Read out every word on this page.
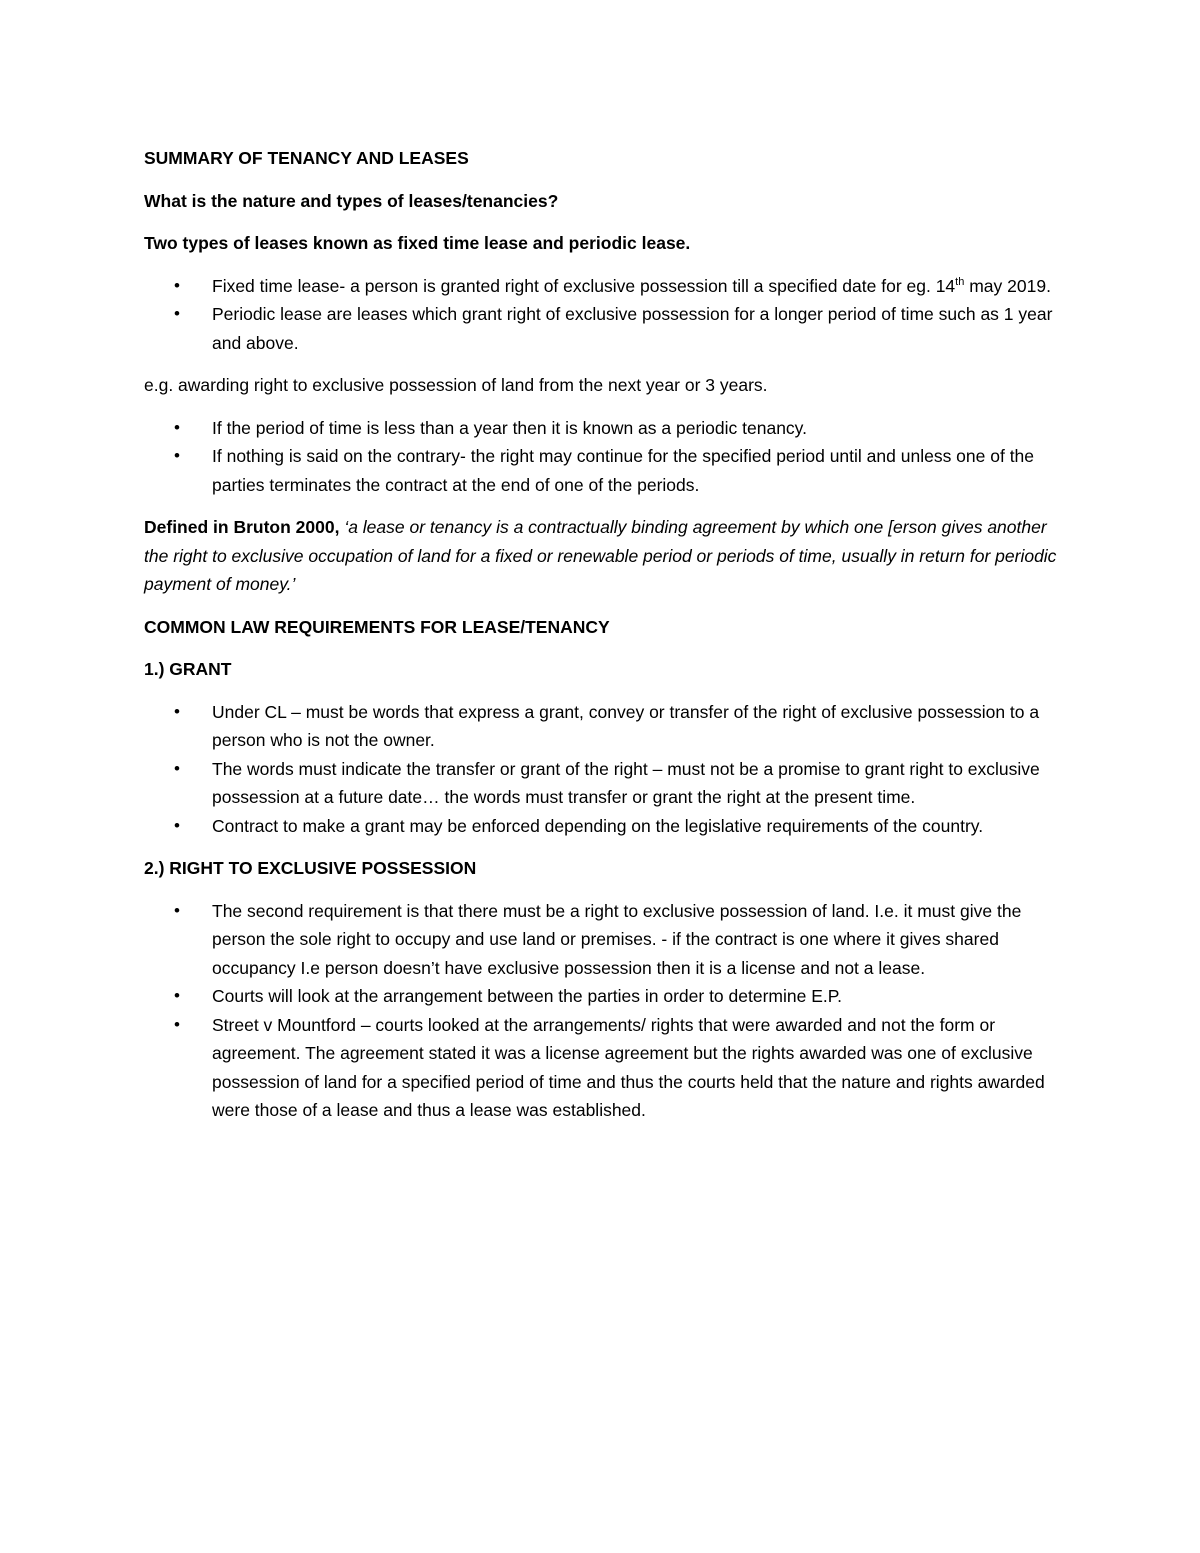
SUMMARY OF TENANCY AND LEASES

What is the nature and types of leases/tenancies?

Two types of leases known as fixed time lease and periodic lease.

• Fixed time lease- a person is granted right of exclusive possession till a specified date for eg. 14th may 2019.
• Periodic lease are leases which grant right of exclusive possession for a longer period of time such as 1 year and above.

e.g. awarding right to exclusive possession of land from the next year or 3 years.

• If the period of time is less than a year then it is known as a periodic tenancy.
• If nothing is said on the contrary- the right may continue for the specified period until and unless one of the parties terminates the contract at the end of one of the periods.

Defined in Bruton 2000, ‘a lease or tenancy is a contractually binding agreement by which one [erson gives another the right to exclusive occupation of land for a fixed or renewable period or periods of time, usually in return for periodic payment of money.’

COMMON LAW REQUIREMENTS FOR LEASE/TENANCY

1.) GRANT

• Under CL – must be words that express a grant, convey or transfer of the right of exclusive possession to a person who is not the owner.
• The words must indicate the transfer or grant of the right – must not be a promise to grant right to exclusive possession at a future date… the words must transfer or grant the right at the present time.
• Contract to make a grant may be enforced depending on the legislative requirements of the country.

2.) RIGHT TO EXCLUSIVE POSSESSION

• The second requirement is that there must be a right to exclusive possession of land. I.e. it must give the person the sole right to occupy and use land or premises. - if the contract is one where it gives shared occupancy I.e person doesn’t have exclusive possession then it is a license and not a lease.
• Courts will look at the arrangement between the parties in order to determine E.P.
• Street v Mountford – courts looked at the arrangements/ rights that were awarded and not the form or agreement. The agreement stated it was a license agreement but the rights awarded was one of exclusive possession of land for a specified period of time and thus the courts held that the nature and rights awarded were those of a lease and thus a lease was established.
